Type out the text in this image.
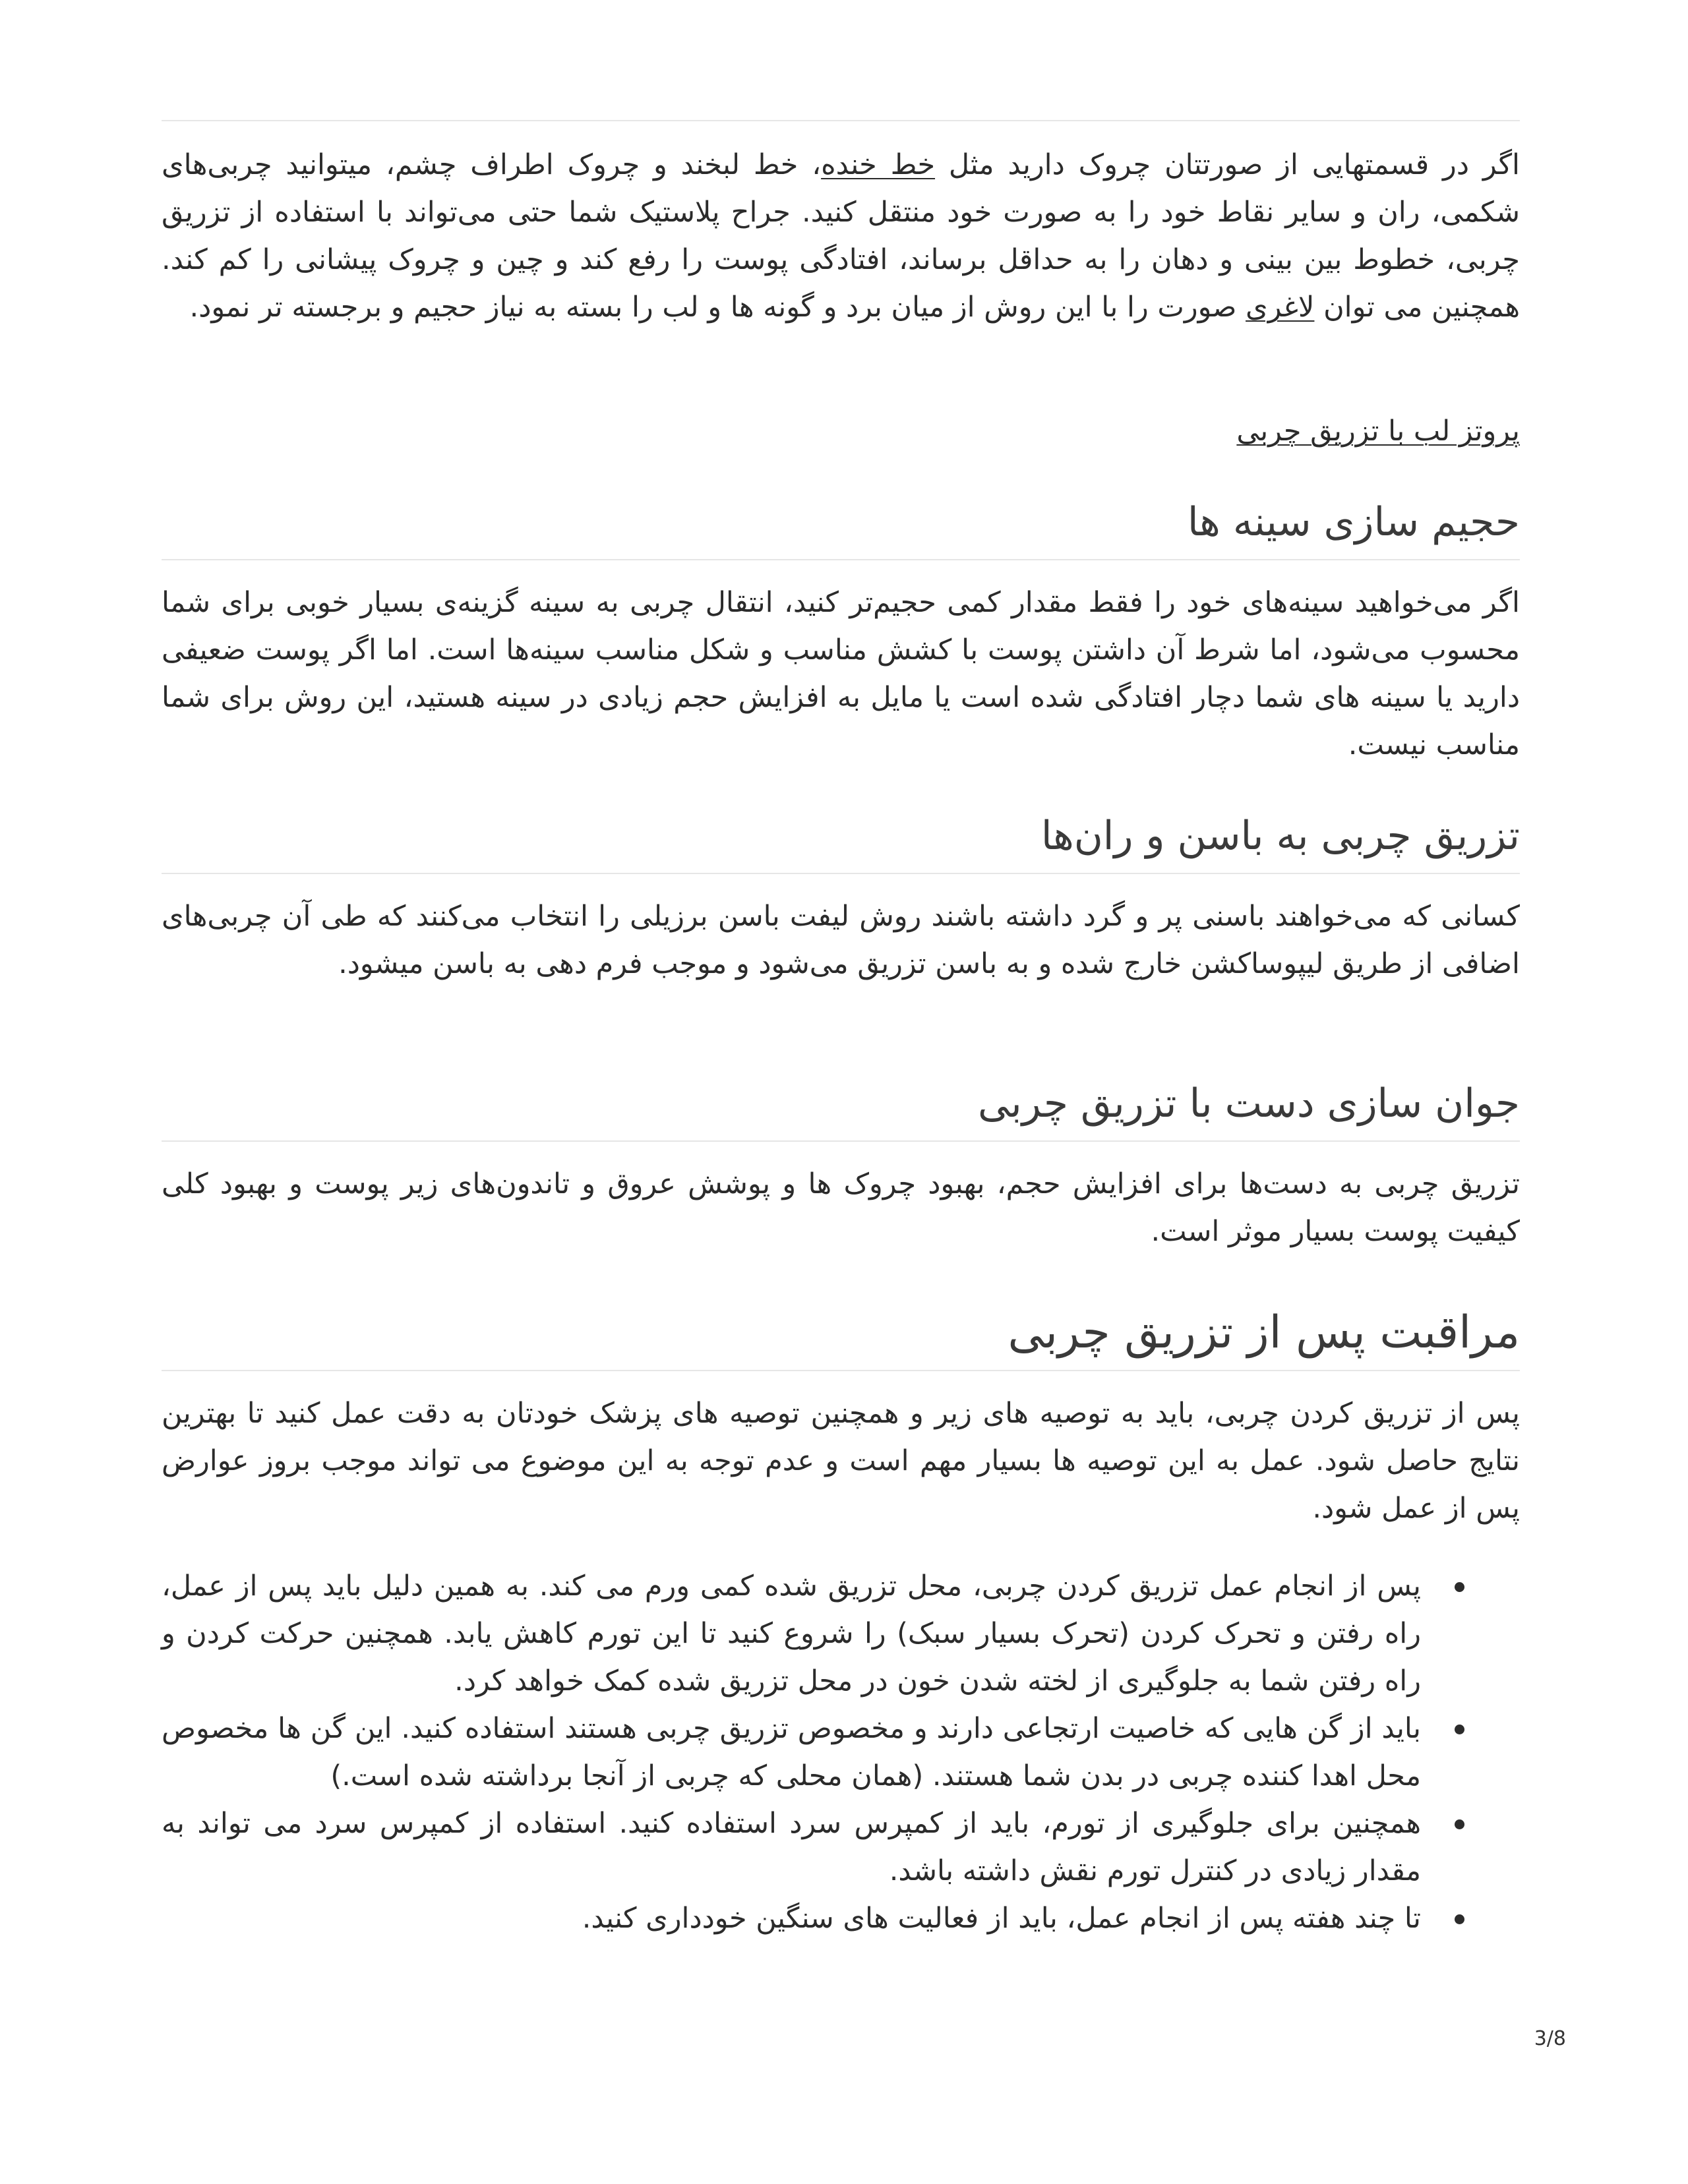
اگر در قسمتهایی از صورتتان چروک دارید مثل خط خنده، خط لبخند و چروک اطراف چشم، میتوانید چربی‌های شکمی، ران و سایر نقاط خود را به صورت خود منتقل کنید. جراح پلاستیک شما حتی می‌تواند با استفاده از تزریق چربی، خطوط بین بینی و دهان را به حداقل برساند، افتادگی پوست را رفع کند و چین و چروک پیشانی را کم کند. همچنین می توان لاغری صورت را با این روش از میان برد و گونه ها و لب را بسته به نیاز حجیم و برجسته تر نمود.

پروتز لب با تزریق چربی

حجیم سازی سینه ها

اگر می‌خواهید سینه‌های خود را فقط مقدار کمی حجیم‌تر کنید، انتقال چربی به سینه گزینه‌ی بسیار خوبی برای شما محسوب می‌شود، اما شرط آن داشتن پوست با کشش مناسب و شکل مناسب سینه‌ها است. اما اگر پوست ضعیفی دارید یا سینه های شما دچار افتادگی شده است یا مایل به افزایش حجم زیادی در سینه هستید، این روش برای شما مناسب نیست.

تزریق چربی به باسن و ران‌ها

کسانی که می‌خواهند باسنی پر و گرد داشته باشند روش لیفت باسن برزیلی را انتخاب می‌کنند که طی آن چربی‌های اضافی از طریق لیپوساکشن خارج شده و به باسن تزریق می‌شود و موجب فرم دهی به باسن میشود.

جوان سازی دست با تزریق چربی

تزریق چربی به دست‌ها برای افزایش حجم، بهبود چروک ها و پوشش عروق و تاندون‌های زیر پوست و بهبود کلی کیفیت پوست بسیار موثر است.

مراقبت پس از تزریق چربی

پس از تزریق کردن چربی، باید به توصیه های زیر و همچنین توصیه های پزشک خودتان به دقت عمل کنید تا بهترین نتایج حاصل شود. عمل به این توصیه ها بسیار مهم است و عدم توجه به این موضوع می تواند موجب بروز عوارض پس از عمل شود.

پس از انجام عمل تزریق کردن چربی، محل تزریق شده کمی ورم می کند. به همین دلیل باید پس از عمل، راه رفتن و تحرک کردن (تحرک بسیار سبک) را شروع کنید تا این تورم کاهش یابد. همچنین حرکت کردن و راه رفتن شما به جلوگیری از لخته شدن خون در محل تزریق شده کمک خواهد کرد.
باید از گن هایی که خاصیت ارتجاعی دارند و مخصوص تزریق چربی هستند استفاده کنید. این گن ها مخصوص محل اهدا کننده چربی در بدن شما هستند. (همان محلی که چربی از آنجا برداشته شده است.)
همچنین برای جلوگیری از تورم، باید از کمپرس سرد استفاده کنید. استفاده از کمپرس سرد می تواند به مقدار زیادی در کنترل تورم نقش داشته باشد.
تا چند هفته پس از انجام عمل، باید از فعالیت های سنگین خودداری کنید.
3/8
